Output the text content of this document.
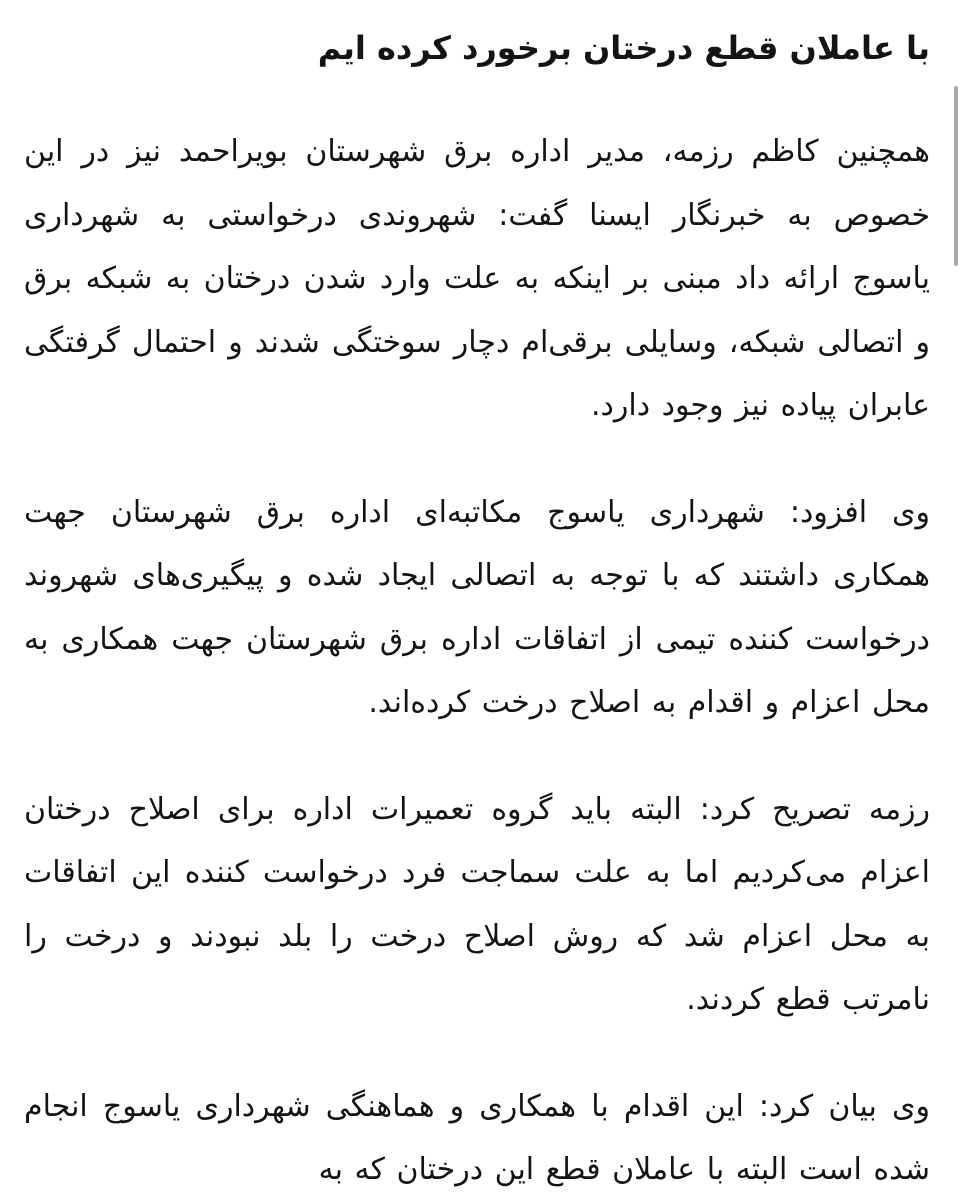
با عاملان قطع درختان برخورد کرده ایم

همچنین کاظم رزمه، مدیر اداره برق شهرستان بویراحمد نیز در این خصوص به خبرنگار ایسنا گفت: شهروندی درخواستی به شهرداری یاسوج ارائه داد مبنی بر اینکه به علت وارد شدن درختان به شبکه برق و اتصالی شبکه، وسایلی برقی‌ام دچار سوختگی شدند و احتمال گرفتگی عابران پیاده نیز وجود دارد.

وی افزود: شهرداری یاسوج مکاتبه‌ای اداره برق شهرستان جهت همکاری داشتند که با توجه به اتصالی ایجاد شده و پیگیری‌های شهروند درخواست کننده تیمی از اتفاقات اداره برق شهرستان جهت همکاری به محل اعزام و اقدام به اصلاح درخت کرده‌اند.

رزمه تصریح کرد: البته باید گروه تعمیرات اداره برای اصلاح درختان اعزام می‌کردیم اما به علت سماجت فرد درخواست کننده این اتفاقات به محل اعزام شد که روش اصلاح درخت را بلد نبودند و درخت را نامرتب قطع کردند.

وی بیان کرد: این اقدام با همکاری و هماهنگی شهرداری یاسوج انجام شده است البته با عاملان قطع این درختان که به
